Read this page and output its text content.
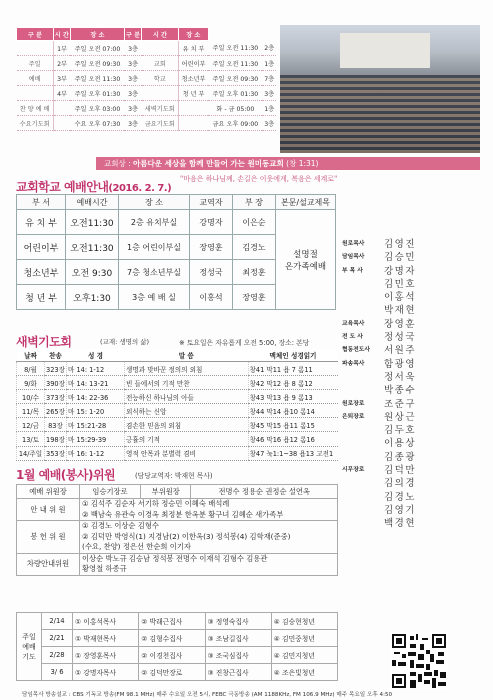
구 분	시 간	장 소	구 분	시 간	장 소		
	1부	주일 오전 07:00	3층		유 치 부	주일 오전 11:30	2층
주일	2부	주일 오전 09:30	3층	교회	어린이부	주일 오전 11:30	1층
예배	3부	주일 오전 11:30	3층	학교	청소년부	주일 오전 09:30	7층
	4부	주일 오후 01:30	3층		청 년 부	주일 오후 01:30	3층
찬 양 예 배		주일 오후 03:00	3층	새벽기도회		화 - 금 05:00	1층
수요기도회		수요 오후 07:30	3층	금요기도회		금요 오후 09:00	3층
교회상 : 아름다운 세상을 함께 만들어 가는 원미동교회 (창 1:31)
"마음은 하나님께, 손길은 이웃에게, 복음은 세계로"
교회학교 예배안내(2016. 2. 7.)
부 서	예배시간	장 소	교역자	부 장	본문/설교제목
유 치 부	오전11:30	2층 유치부실	강명자	이은순	설명절
온가족예배
어린이부	오전11:30	1층 어린이부실	장영훈	김경노	
청소년부	오전 9:30	7층 청소년부실	정성국	최정훈	
청 년 부	오후1:30	3층 예 배 실	이홍석	장영훈	
원로목사	김영진
담임목사	김승민
부 목 사	강명자
김민호
이홍석
박재현
교육목사	장영훈
전 도 사	정성국
협동전도사	서원주
파송목사	함광영
정서욱
박종수
원로장로	조준구
은퇴장로	원상근
김두호
이용상
김종광
시무장로	김덕만
김의경
김경노
김영기
백경현
새벽기도회	(교재: 생명의 삶)	※ 토요일은 자유롭게 오전 5:00, 장소: 본당
날짜	찬송	성 경	말 씀	맥체인 성경읽기
8/월	323장	마 14: 1-12	생명과 맞바꾼 정의의 외침	창41 막11 욥 7 롬11
9/화	390장	마 14: 13-21	빈 들에서의 기적 만찬	창42 막12 욥 8 롬12
10/수	373장	마 14: 22-36	전능하신 하나님의 아들	창43 막13 욥 9 롬13
11/목	265장	마 15: 1-20	외식하는 신앙	창44 막14 욥10 롬14
12/금	83장	마 15:21-28	겸손한 믿음의 외침	창45 막15 욥11 롬15
13/토	198장	마 15:29-39	긍휼의 기적	창46 막16 욥12 롬16
14/주일	353장	마 16: 1-12	영적 안목과 분별력 겸비	창47 눅1:1~38 욥13 고전1
1월 예배(봉사)위원	(담당교역자: 박재현 목사)
예배 위원장	임승기장로	부위원장	전명수 정용순 권정순 설연옥
안 내 위 원	① 김석주 김순자 서기하 정승민 이혜숙 배석례
② 백남숙 유관숙 이경옥 최정분 한옥분 황구녀 김혜순 새가족부		
봉 헌 위 원	① 김경노 이상순 김형수
② 김덕만 박영식(1) 지경남(2) 이한옥(3) 정석봉(4) 김학재(준중)
(수요, 찬양) 정은선 한순희 이기자		
차량안내위원	이상순 박노규 김승남 정석봉 전명수 이재석 김형수 김용관
황영철 하종규		
주일
예배
기도	2/14	① 이홍석목사	② 박래근집사	③ 정영숙집사	④ 김승현청년
	2/21	① 박재현목사	② 김형수집사	③ 조남길집사	④ 김민중청년
	2/28	① 장영훈목사	② 이경천집사	③ 조국심집사	④ 김민지청년
	3/ 6	① 강명자목사	② 김덕만장로	③ 진창근집사	④ 조은빛청년
담임목사 방송설교 : CBS 기독교 방송(FM 98.1 MHz) 매주 수요일 오전 5시, FEBC 극동방송 (AM 1188KHz, FM 106.9 MHz) 매주 목요일 오후 4:50
